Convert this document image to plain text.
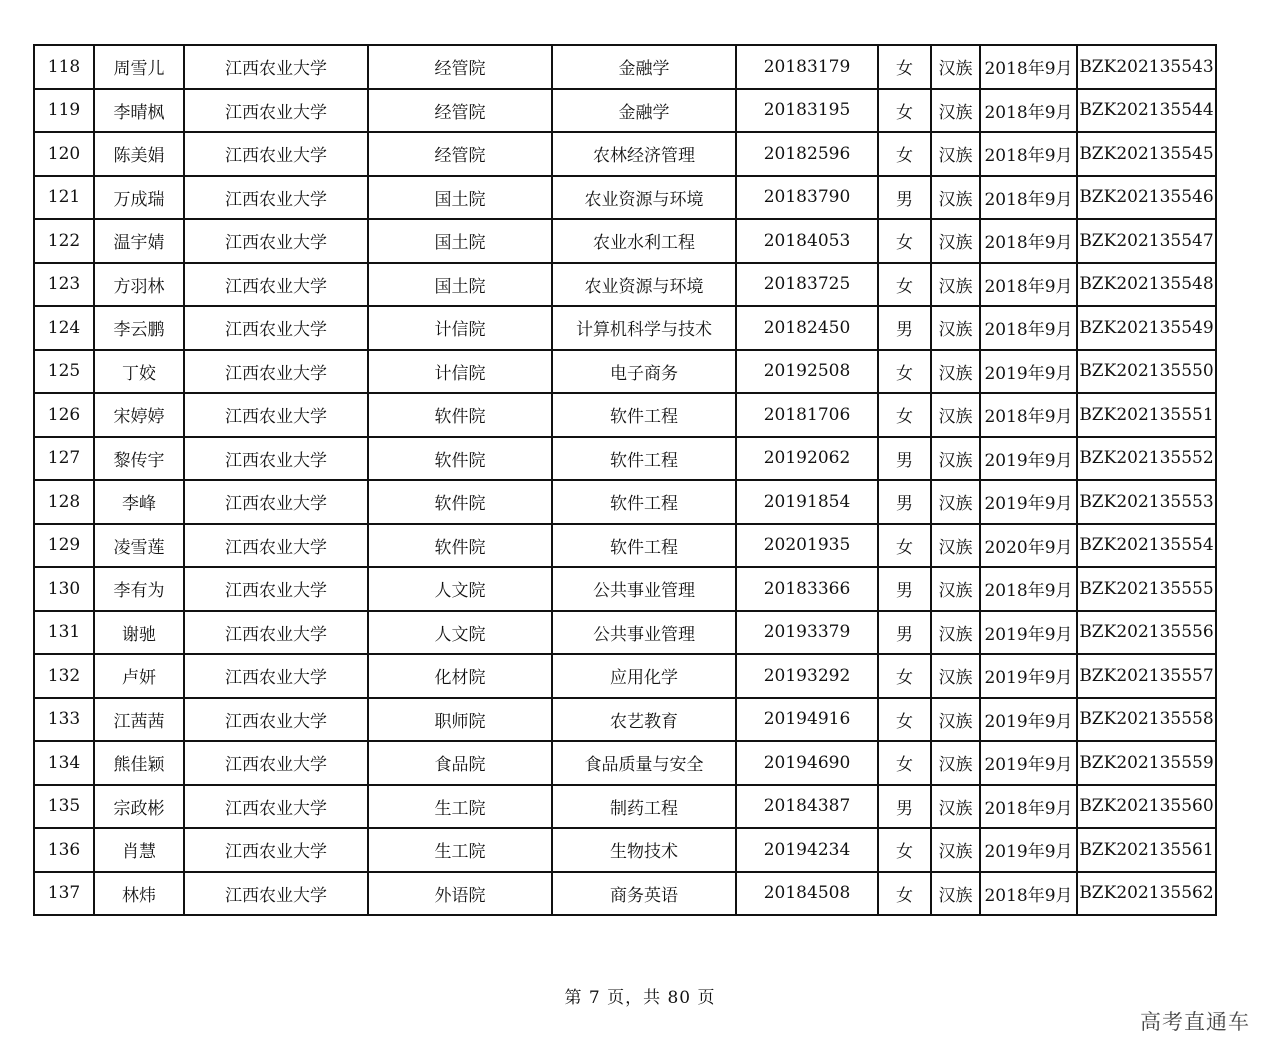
118	周雪儿	江西农业大学	经管院	金融学	20183179	女	汉族	2018年9月	BZK202135543
119	李晴枫	江西农业大学	经管院	金融学	20183195	女	汉族	2018年9月	BZK202135544
120	陈美娟	江西农业大学	经管院	农林经济管理	20182596	女	汉族	2018年9月	BZK202135545
121	万成瑞	江西农业大学	国土院	农业资源与环境	20183790	男	汉族	2018年9月	BZK202135546
122	温宇婧	江西农业大学	国土院	农业水利工程	20184053	女	汉族	2018年9月	BZK202135547
123	方羽林	江西农业大学	国土院	农业资源与环境	20183725	女	汉族	2018年9月	BZK202135548
124	李云鹏	江西农业大学	计信院	计算机科学与技术	20182450	男	汉族	2018年9月	BZK202135549
125	丁姣	江西农业大学	计信院	电子商务	20192508	女	汉族	2019年9月	BZK202135550
126	宋婷婷	江西农业大学	软件院	软件工程	20181706	女	汉族	2018年9月	BZK202135551
127	黎传宇	江西农业大学	软件院	软件工程	20192062	男	汉族	2019年9月	BZK202135552
128	李峰	江西农业大学	软件院	软件工程	20191854	男	汉族	2019年9月	BZK202135553
129	凌雪莲	江西农业大学	软件院	软件工程	20201935	女	汉族	2020年9月	BZK202135554
130	李有为	江西农业大学	人文院	公共事业管理	20183366	男	汉族	2018年9月	BZK202135555
131	谢驰	江西农业大学	人文院	公共事业管理	20193379	男	汉族	2019年9月	BZK202135556
132	卢妍	江西农业大学	化材院	应用化学	20193292	女	汉族	2019年9月	BZK202135557
133	江茜茜	江西农业大学	职师院	农艺教育	20194916	女	汉族	2019年9月	BZK202135558
134	熊佳颖	江西农业大学	食品院	食品质量与安全	20194690	女	汉族	2019年9月	BZK202135559
135	宗政彬	江西农业大学	生工院	制药工程	20184387	男	汉族	2018年9月	BZK202135560
136	肖慧	江西农业大学	生工院	生物技术	20194234	女	汉族	2019年9月	BZK202135561
137	林炜	江西农业大学	外语院	商务英语	20184508	女	汉族	2018年9月	BZK202135562
第 7 页，共 80 页
高考直通车
